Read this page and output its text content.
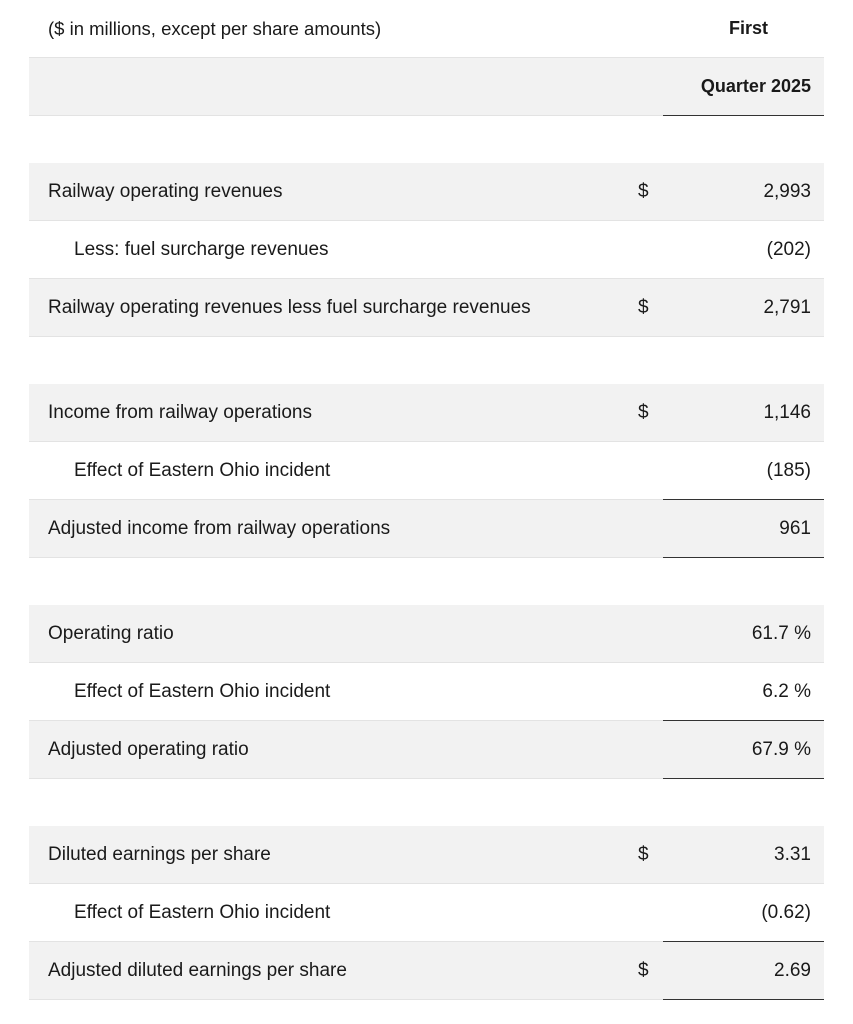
($ in millions, except per share amounts)	First
Quarter 2025
Railway operating revenues	$	2,993
Less: fuel surcharge revenues	(202)
Railway operating revenues less fuel surcharge revenues	$	2,791
Income from railway operations	$	1,146
Effect of Eastern Ohio incident	(185)
Adjusted income from railway operations	961
Operating ratio	61.7 %
Effect of Eastern Ohio incident	6.2 %
Adjusted operating ratio	67.9 %
Diluted earnings per share	$	3.31
Effect of Eastern Ohio incident	(0.62)
Adjusted diluted earnings per share	$	2.69
